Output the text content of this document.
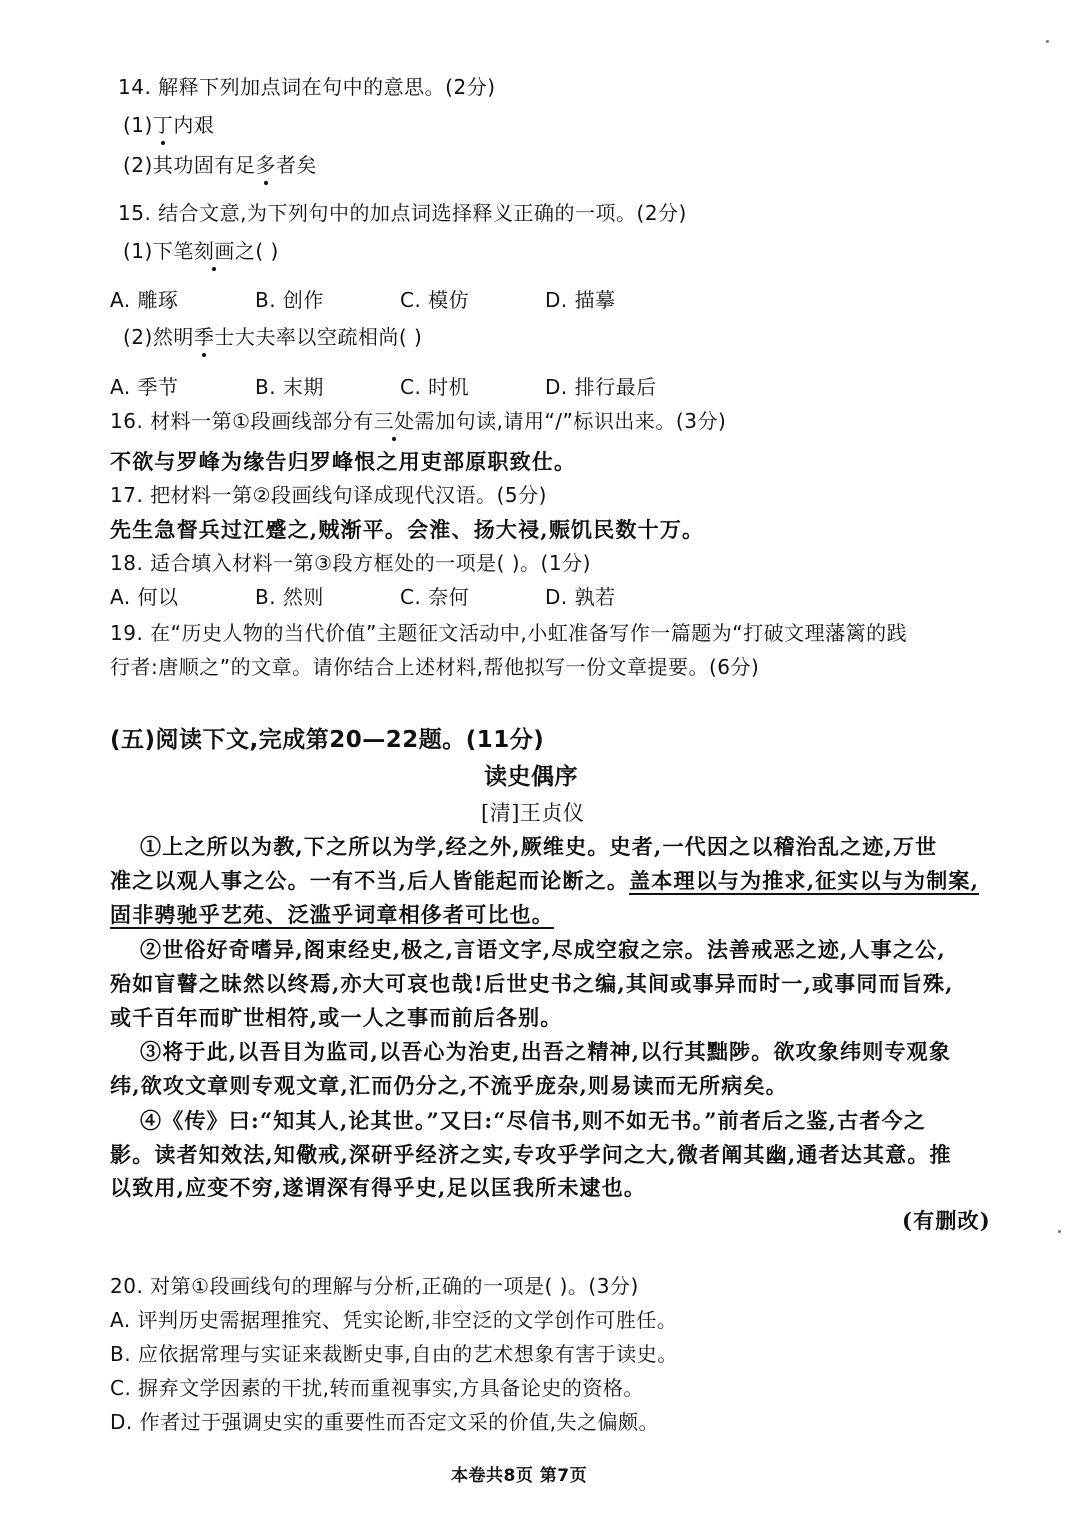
14. 解释下列加点词在句中的意思。(2分)
(1)丁内艰
(2)其功固有足多者矣
15. 结合文意,为下列句中的加点词选择释义正确的一项。(2分)
(1)下笔刻画之( )
A. 雕琢	B. 创作	C. 模仿	D. 描摹
(2)然明季士大夫率以空疏相尚( )
A. 季节	B. 末期	C. 时机	D. 排行最后
16. 材料一第①段画线部分有三处需加句读,请用“/”标识出来。(3分)
不欲与罗峰为缘告归罗峰恨之用吏部原职致仕。
17. 把材料一第②段画线句译成现代汉语。(5分)
先生急督兵过江蹙之,贼渐平。会淮、扬大祲,赈饥民数十万。
18. 适合填入材料一第③段方框处的一项是( )。(1分)
A. 何以	B. 然则	C. 奈何	D. 孰若
19. 在“历史人物的当代价值”主题征文活动中,小虹准备写作一篇题为“打破文理藩篱的践
行者:唐顺之”的文章。请你结合上述材料,帮他拟写一份文章提要。(6分)
(五)阅读下文,完成第20—22题。(11分)
读史偶序
[清]王贞仪
①上之所以为教,下之所以为学,经之外,厥维史。史者,一代因之以稽治乱之迹,万世
准之以观人事之公。一有不当,后人皆能起而论断之。盖本理以与为推求,征实以与为制案,
固非骋驰乎艺苑、泛滥乎词章相侈者可比也。
②世俗好奇嗜异,阁束经史,极之,言语文字,尽成空寂之宗。法善戒恶之迹,人事之公,
殆如盲瞽之昧然以终焉,亦大可哀也哉!后世史书之编,其间或事异而时一,或事同而旨殊,
或千百年而旷世相符,或一人之事而前后各别。
③将于此,以吾目为监司,以吾心为治吏,出吾之精神,以行其黜陟。欲攻象纬则专观象
纬,欲攻文章则专观文章,汇而仍分之,不流乎庞杂,则易读而无所病矣。
④《传》曰:“知其人,论其世。”又曰:“尽信书,则不如无书。”前者后之鉴,古者今之
影。读者知效法,知儆戒,深研乎经济之实,专攻乎学问之大,微者阐其幽,通者达其意。推
以致用,应变不穷,遂谓深有得乎史,足以匡我所未逮也。
(有删改)
20. 对第①段画线句的理解与分析,正确的一项是( )。(3分)
A. 评判历史需据理推究、凭实论断,非空泛的文学创作可胜任。
B. 应依据常理与实证来裁断史事,自由的艺术想象有害于读史。
C. 摒弃文学因素的干扰,转而重视事实,方具备论史的资格。
D. 作者过于强调史实的重要性而否定文采的价值,失之偏颇。
本卷共8页 第7页
